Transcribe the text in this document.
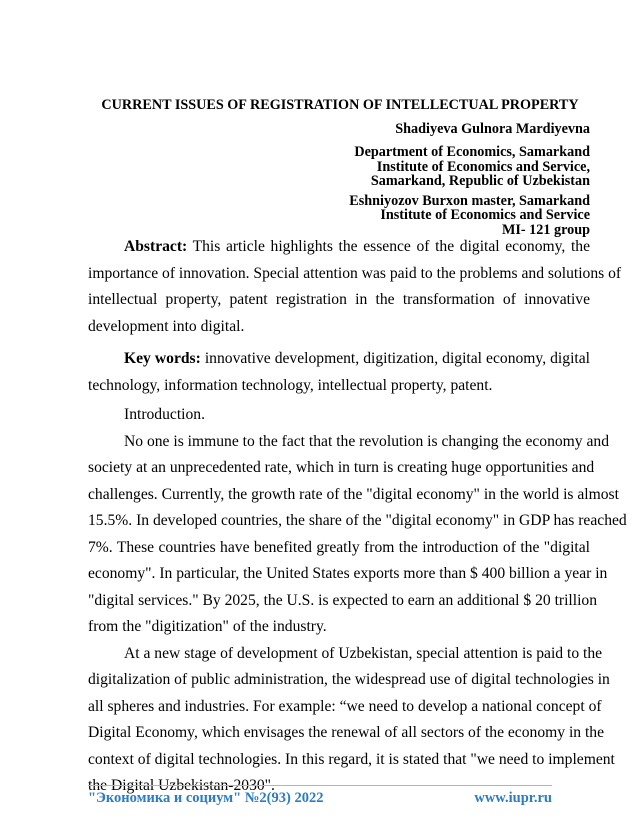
CURRENT ISSUES OF REGISTRATION OF INTELLECTUAL PROPERTY
Shadiyeva Gulnora Mardiyevna
Department of Economics, Samarkand
Institute of Economics and Service,
Samarkand, Republic of Uzbekistan
Eshniyozov Burxon master, Samarkand
Institute of Economics and Service
MI- 121 group
Abstract: This article highlights the essence of the digital economy, the
importance of innovation. Special attention was paid to the problems and solutions of
intellectual property, patent registration in the transformation of innovative
development into digital.
Key words: innovative development, digitization, digital economy, digital
technology, information technology, intellectual property, patent.
Introduction.
No one is immune to the fact that the revolution is changing the economy and
society at an unprecedented rate, which in turn is creating huge opportunities and
challenges. Currently, the growth rate of the "digital economy" in the world is almost
15.5%. In developed countries, the share of the "digital economy" in GDP has reached
7%. These countries have benefited greatly from the introduction of the "digital
economy". In particular, the United States exports more than $ 400 billion a year in
"digital services." By 2025, the U.S. is expected to earn an additional $ 20 trillion
from the "digitization" of the industry.
At a new stage of development of Uzbekistan, special attention is paid to the
digitalization of public administration, the widespread use of digital technologies in
all spheres and industries. For example: “we need to develop a national concept of
Digital Economy, which envisages the renewal of all sectors of the economy in the
context of digital technologies. In this regard, it is stated that "we need to implement
the Digital Uzbekistan-2030".
"Экономика и социум" №2(93) 2022	www.iupr.ru
